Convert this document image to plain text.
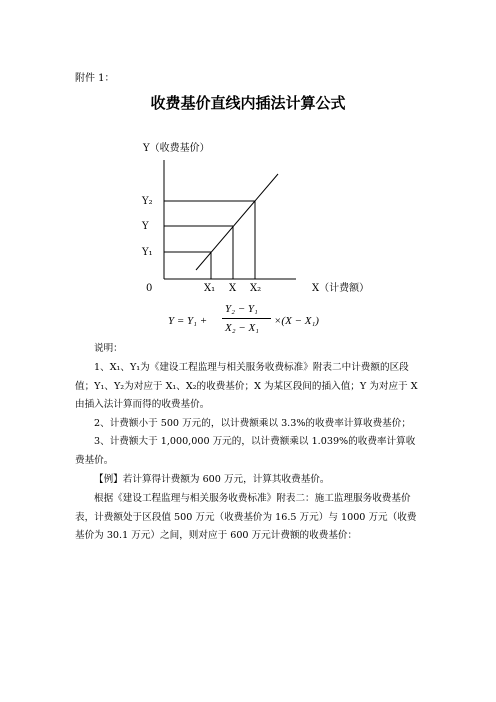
附件 1：
收费基价直线内插法计算公式
Y（收费基价）
X（计费额）
0
Y₂
Y
Y₁
X₁ X X₂
Y = Y₁ +
Y₂ − Y₁
X₂ − X₁
×(X − X₁)
说明：
1、X₁、Y₁为《建设工程监理与相关服务收费标准》附表二中计费额的区段值；Y₁、Y₂为对应于 X₁、X₂的收费基价；X 为某区段间的插入值；Y 为对应于 X 由插入法计算而得的收费基价。
2、计费额小于 500 万元的，以计费额乘以 3.3%的收费率计算收费基价；
3、计费额大于 1,000,000 万元的，以计费额乘以 1.039%的收费率计算收费基价。
【例】若计算得计费额为 600 万元，计算其收费基价。
根据《建设工程监理与相关服务收费标准》附表二：施工监理服务收费基价表，计费额处于区段值 500 万元（收费基价为 16.5 万元）与 1000 万元（收费基价为 30.1 万元）之间，则对应于 600 万元计费额的收费基价：
